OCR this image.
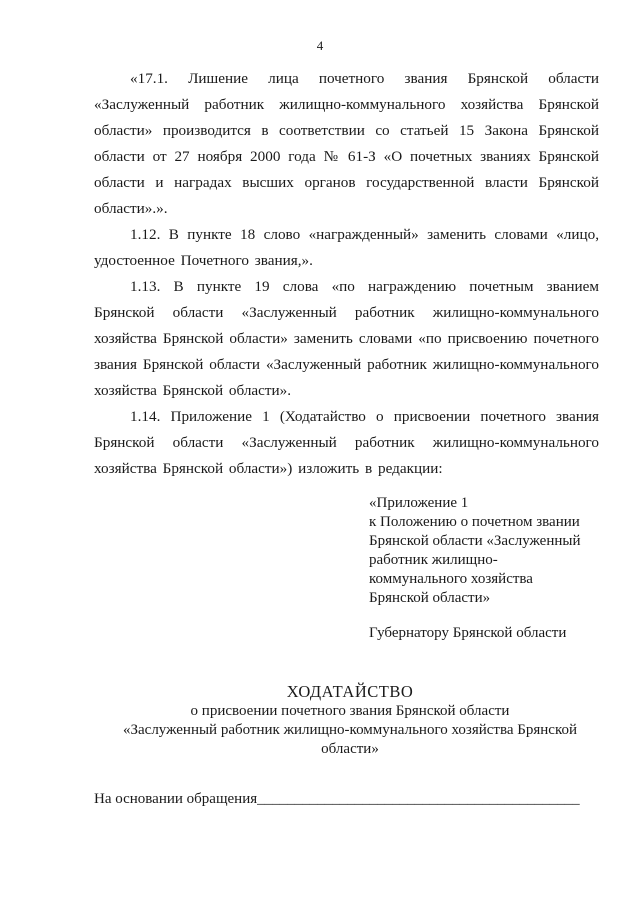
4

«17.1. Лишение лица почетного звания Брянской области «Заслуженный работник жилищно-коммунального хозяйства Брянской области» производится в соответствии со статьей 15 Закона Брянской области от 27 ноября 2000 года № 61-З «О почетных званиях Брянской области и наградах высших органов государственной власти Брянской области».».

1.12. В пункте 18 слово «награжденный» заменить словами «лицо, удостоенное Почетного звания,».

1.13. В пункте 19 слова «по награждению почетным званием Брянской области «Заслуженный работник жилищно-коммунального хозяйства Брянской области» заменить словами «по присвоению почетного звания Брянской области «Заслуженный работник жилищно-коммунального хозяйства Брянской области».

1.14. Приложение 1 (Ходатайство о присвоении почетного звания Брянской области «Заслуженный работник жилищно-коммунального хозяйства Брянской области») изложить в редакции:

«Приложение 1
к Положению о почетном звании
Брянской области «Заслуженный
работник жилищно-
коммунального хозяйства
Брянской области»
Губернатору Брянской области
ХОДАТАЙСТВО
о присвоении почетного звания Брянской области
«Заслуженный работник жилищно-коммунального хозяйства Брянской
области»
На основании обращения___________________________________________
